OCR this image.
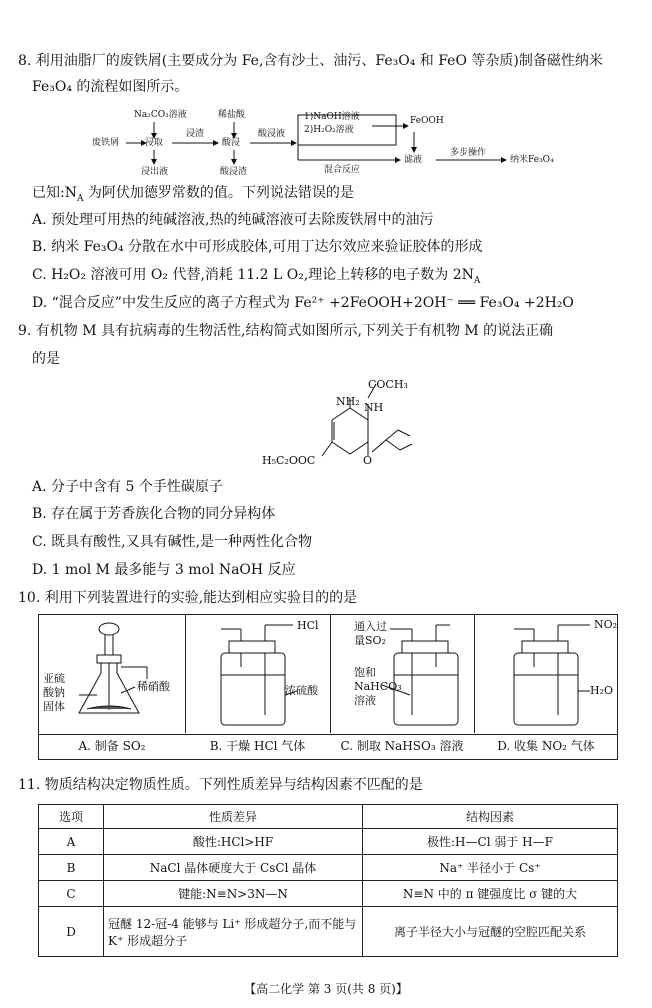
8. 利用油脂厂的废铁屑(主要成分为 Fe,含有沙土、油污、Fe₃O₄ 和 FeO 等杂质)制备磁性纳米
Fe₃O₄ 的流程如图所示。
Na₂CO₃溶液	稀盐酸	1)NaOH溶液
2)H₂O₂溶液
FeOOH
废铁屑	浸取
浸渣
酸浸
酸浸液
浸出液	酸浸渣	混合反应
滤液
多步操作
纳米Fe₃O₄
已知$:N_A$ 为阿伏加德罗常数的值。下列说法错误的是
A. 预处理可用热的纯碱溶液,热的纯碱溶液可去除废铁屑中的油污
B. 纳米 Fe₃O₄ 分散在水中可形成胶体,可用丁达尔效应来验证胶体的形成
C. H₂O₂ 溶液可用 O₂ 代替,消耗 11.2 L O₂,理论上转移的电子数为 $2N_A$
D. “混合反应”中发生反应的离子方程式为 Fe²⁺ +2FeOOH+2OH⁻ ══ Fe₃O₄ +2H₂O
9. 有机物 M 具有抗病毒的生物活性,结构简式如图所示,下列关于有机物 M 的说法正确
的是
COCH₃
NH₂ NH
H₅C₂OOC	O
A. 分子中含有 5 个手性碳原子
B. 存在属于芳香族化合物的同分异构体
C. 既具有酸性,又具有碱性,是一种两性化合物
D. 1 mol M 最多能与 3 mol NaOH 反应
10. 利用下列装置进行的实验,能达到相应实验目的的是
亚硫
酸钠
固体
稀硝酸
HCl
浓硫酸
通入过
量SO₂
饱和
NaHCO₃
溶液
NO₂
H₂O
A. 制备 SO₂	B. 干燥 HCl 气体	C. 制取 NaHSO₃ 溶液	D. 收集 NO₂ 气体
11. 物质结构决定物质性质。下列性质差异与结构因素不匹配的是
选项	性质差异	结构因素
A	酸性:HCl>HF	极性:H—Cl 弱于 H—F
B	NaCl 晶体硬度大于 CsCl 晶体	Na⁺ 半径小于 Cs⁺
C	键能:N≡N>3N—N	N≡N 中的 π 键强度比 σ 键的大
D	冠醚 12-冠-4 能够与 Li⁺ 形成超分子,而不能与 K⁺ 形成超分子	离子半径大小与冠醚的空腔匹配关系
【高二化学 第 3 页(共 8 页)】
